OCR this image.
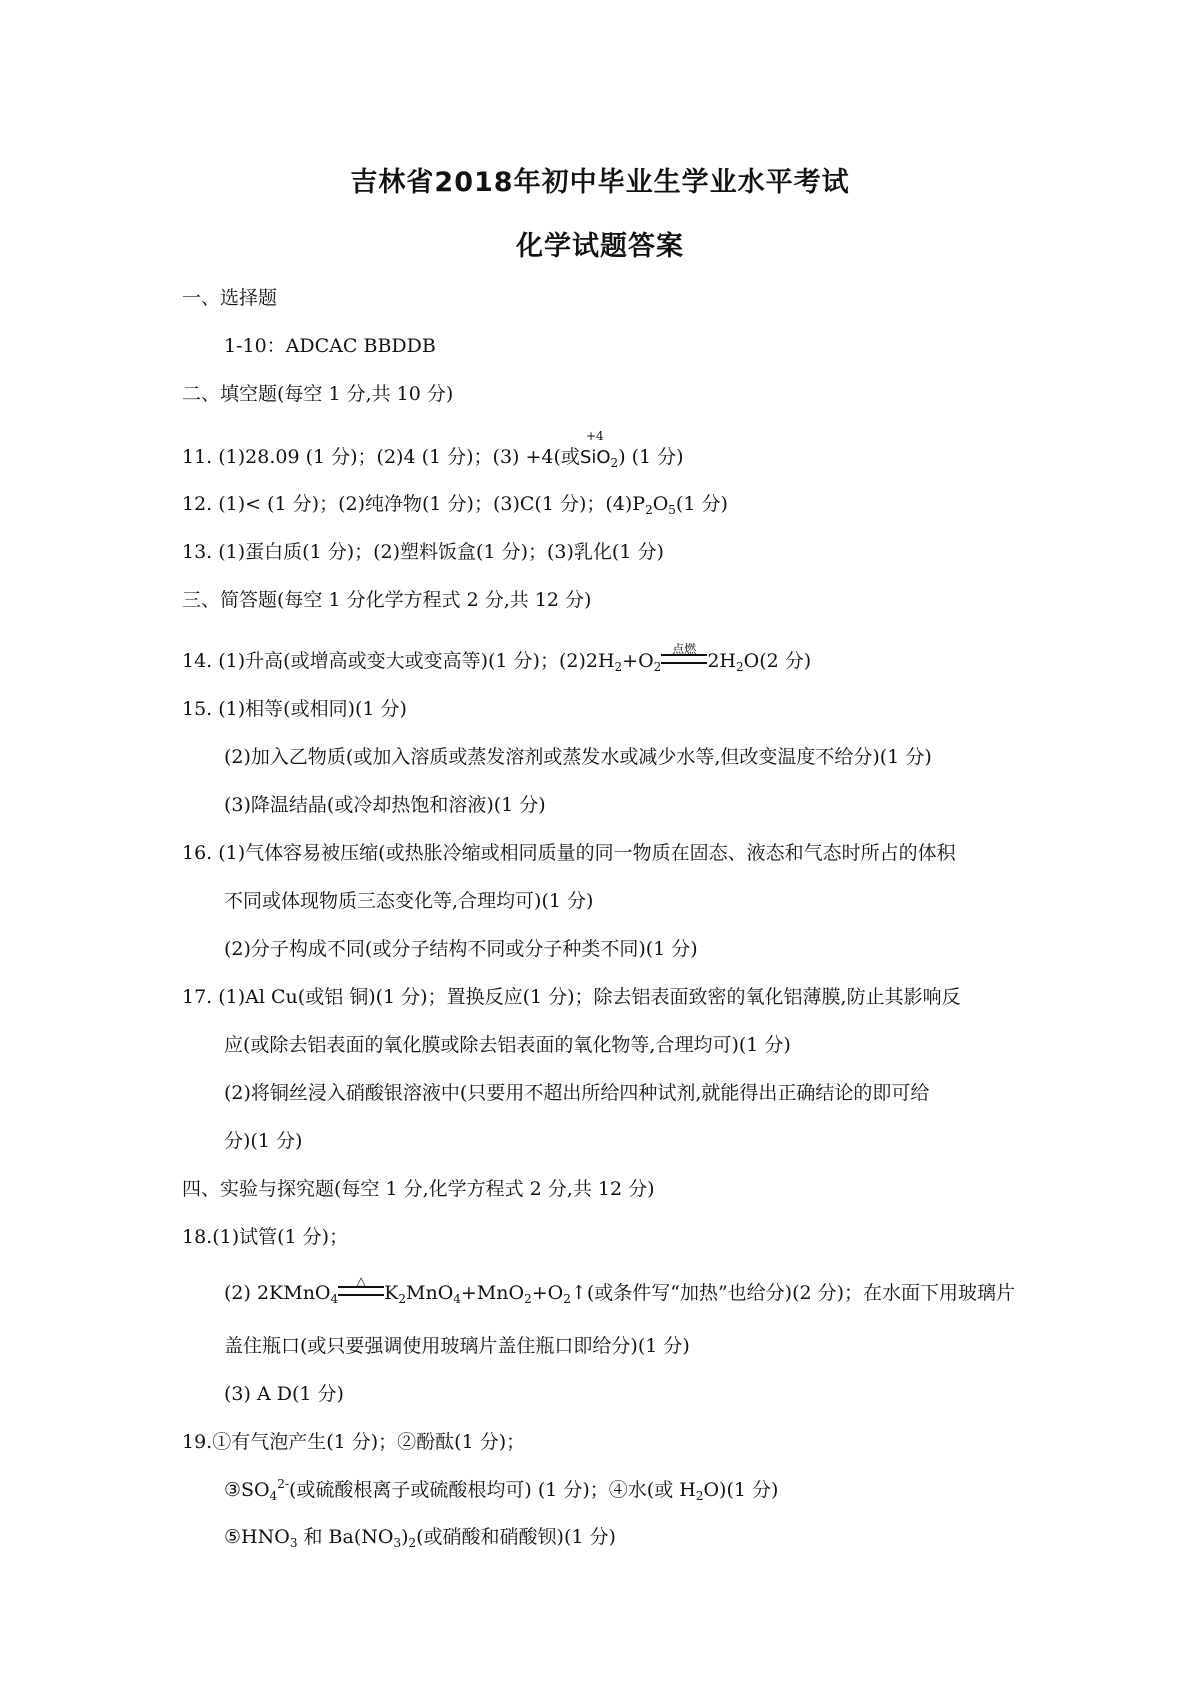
吉林省2018年初中毕业生学业水平考试
化学试题答案
一、选择题
1-10：ADCAC BBDDB
二、填空题(每空 1 分,共 10 分)
11. (1)28.09 (1 分)；(2)4 (1 分)；(3) +4(或
+4
SiO$_2$) (1 分)
12. (1)< (1 分)；(2)纯净物(1 分)；(3)C(1 分)；$(4)P_2O_5(1$ 分)
13. (1)蛋白质(1 分)；(2)塑料饭盒(1 分)；(3)乳化(1 分)
三、简答题(每空 1 分化学方程式 2 分,共 12 分)
14. (1)升高(或增高或变大或变高等)(1 分)；$(2)2H_2+O_2$
点燃
$2H_2O(2$ 分)
15. (1)相等(或相同)(1 分)
(2)加入乙物质(或加入溶质或蒸发溶剂或蒸发水或减少水等,但改变温度不给分)(1 分)
(3)降温结晶(或冷却热饱和溶液)(1 分)
16. (1)气体容易被压缩(或热胀冷缩或相同质量的同一物质在固态、液态和气态时所占的体积
不同或体现物质三态变化等,合理均可)(1 分)
(2)分子构成不同(或分子结构不同或分子种类不同)(1 分)
17. (1)Al Cu(或铝 铜)(1 分)；置换反应(1 分)；除去铝表面致密的氧化铝薄膜,防止其影响反
应(或除去铝表面的氧化膜或除去铝表面的氧化物等,合理均可)(1 分)
(2)将铜丝浸入硝酸银溶液中(只要用不超出所给四种试剂,就能得出正确结论的即可给
分)(1 分)
四、实验与探究题(每空 1 分,化学方程式 2 分,共 12 分)
18.(1)试管(1 分)；
(2) 2KMnO$_4$
△
$K_2MnO_4+MnO_2+O_2↑$(或条件写“加热”也给分)(2 分)；在水面下用玻璃片
盖住瓶口(或只要强调使用玻璃片盖住瓶口即给分)(1 分)
(3) A D(1 分)
19.①有气泡产生(1 分)；②酚酞(1 分)；
$③SO_4^{2-}$(或硫酸根离子或硫酸根均可) (1 分)；④水(或 $H_2O)(1$ 分)
$⑤HNO_3$ 和 $Ba(NO_3)_2$(或硝酸和硝酸钡)(1 分)
